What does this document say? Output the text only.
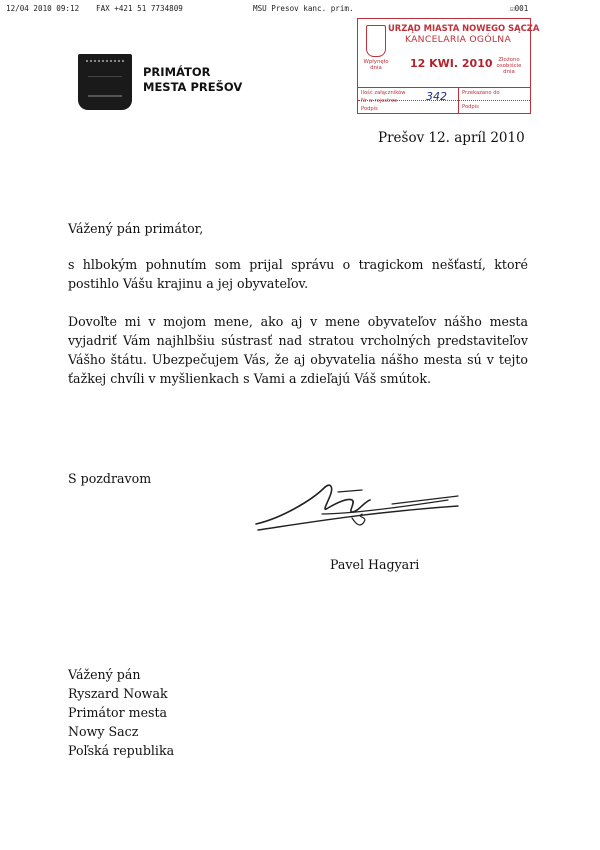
12/04 2010 09:12 FAX +421 51 7734809	MSU Presov kanc. prim.	☑001
PRIMÁTOR
MESTA PREŠOV
URZĄD MIASTA NOWEGO SĄCZA
KANCELARIA OGÓLNA
Wpłynęło dnia	12 KWI. 2010	Złożono osobiście dnia
Ilość załączników
Nr w rejestrze
Podpis
Przekazano do
Podpis
342
Prešov 12. apríl 2010
Vážený pán primátor,
s hlbokým pohnutím som prijal správu o tragickom nešťastí, ktoré postihlo Vášu krajinu a jej obyvateľov.
Dovoľte mi v mojom mene, ako aj v mene obyvateľov nášho mesta vyjadriť Vám najhlbšiu sústrasť nad stratou vrcholných predstaviteľov Vášho štátu. Ubezpečujem Vás, že aj obyvatelia nášho mesta sú v tejto ťažkej chvíli v myšlienkach s Vami a zdieľajú Váš smútok.
S pozdravom
Pavel Hagyari
Vážený pán
Ryszard Nowak
Primátor mesta
Nowy Sacz
Poľská republika
